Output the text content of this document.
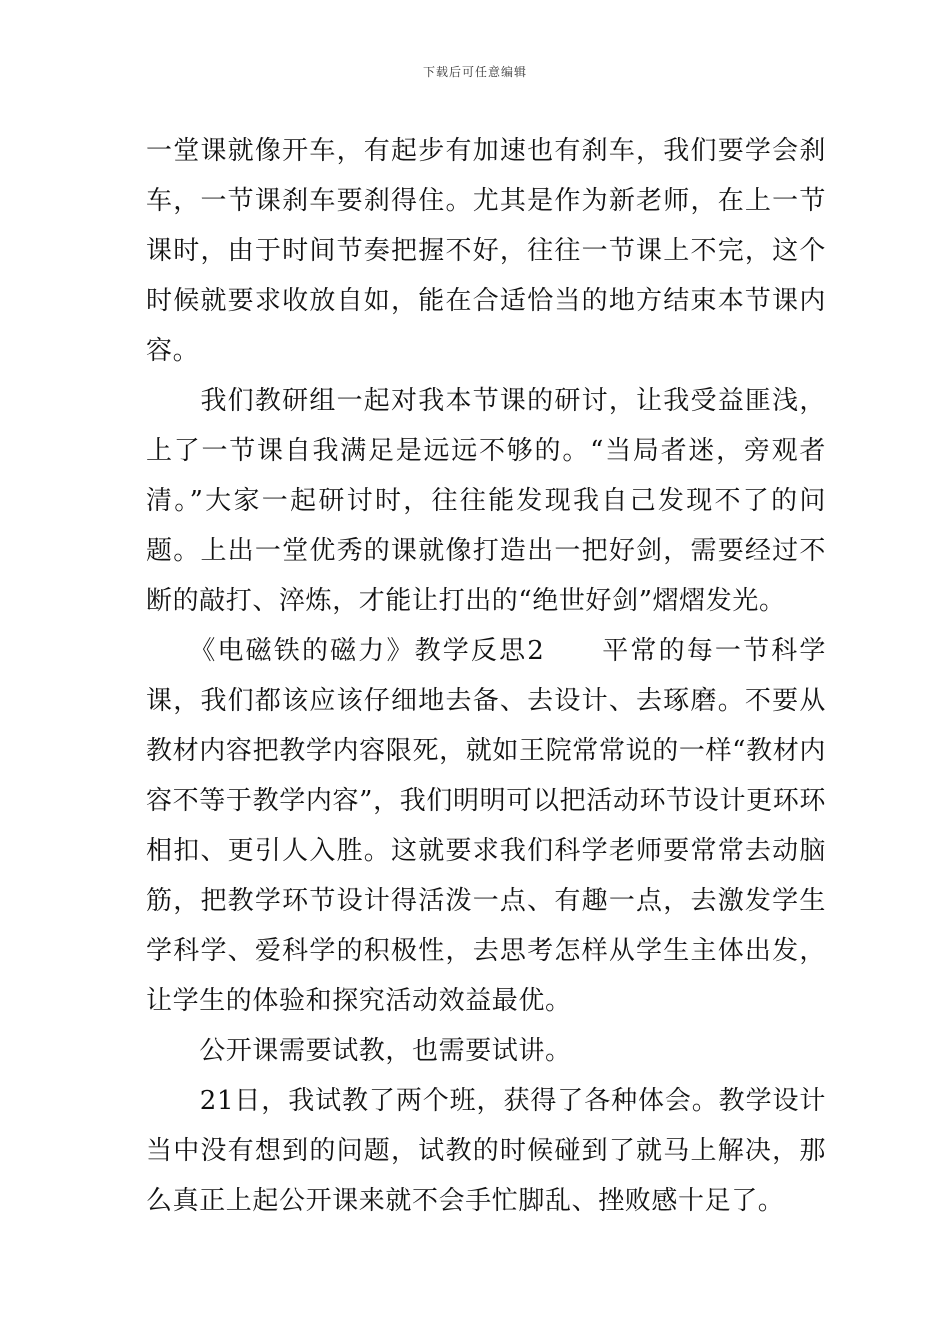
下载后可任意编辑

一堂课就像开车，有起步有加速也有刹车，我们要学会刹车，一节课刹车要刹得住。尤其是作为新老师，在上一节课时，由于时间节奏把握不好，往往一节课上不完，这个时候就要求收放自如，能在合适恰当的地方结束本节课内容。

　　我们教研组一起对我本节课的研讨，让我受益匪浅，上了一节课自我满足是远远不够的。“当局者迷，旁观者清。”大家一起研讨时，往往能发现我自己发现不了的问题。上出一堂优秀的课就像打造出一把好剑，需要经过不断的敲打、淬炼，才能让打出的“绝世好剑”熠熠发光。

　　《电磁铁的磁力》教学反思2　　平常的每一节科学课，我们都该应该仔细地去备、去设计、去琢磨。不要从教材内容把教学内容限死，就如王院常常说的一样“教材内容不等于教学内容”，我们明明可以把活动环节设计更环环相扣、更引人入胜。这就要求我们科学老师要常常去动脑筋，把教学环节设计得活泼一点、有趣一点，去激发学生学科学、爱科学的积极性，去思考怎样从学生主体出发，让学生的体验和探究活动效益最优。

　　公开课需要试教，也需要试讲。

　　21日，我试教了两个班，获得了各种体会。教学设计当中没有想到的问题，试教的时候碰到了就马上解决，那么真正上起公开课来就不会手忙脚乱、挫败感十足了。
